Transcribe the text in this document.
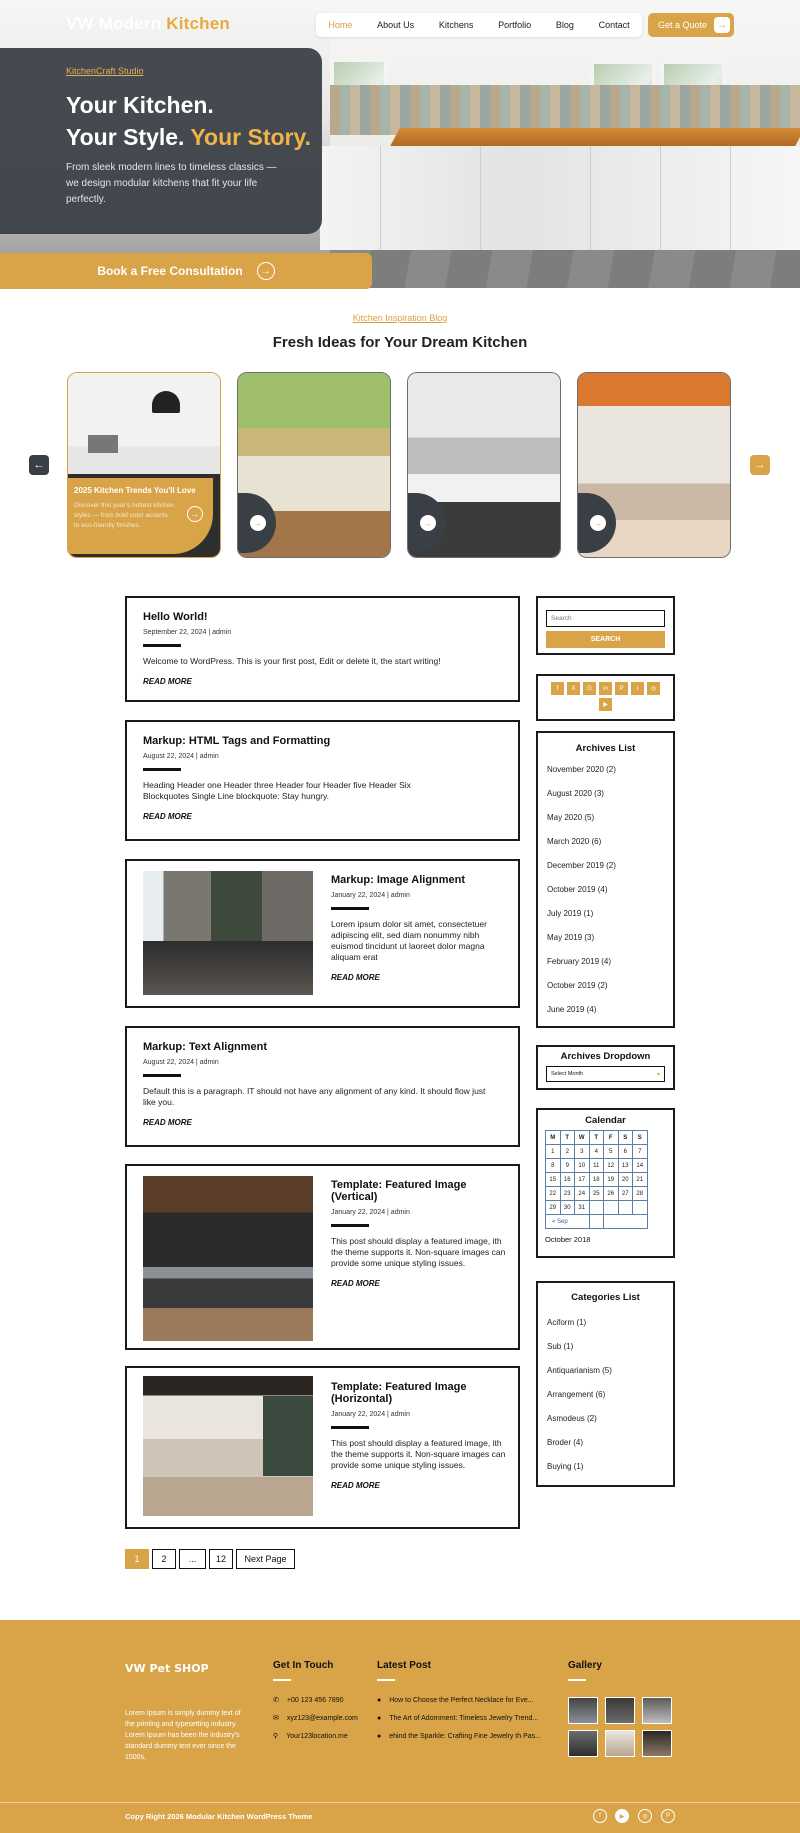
VW Modern Kitchen	Home	About Us	Kitchens	Portfolio	Blog	Contact	Get a Quote →
KitchenCraft Studio
Your Kitchen.
Your Style. Your Story.
From sleek modern lines to timeless classics — we design modular kitchens that fit your life perfectly.
Book a Free Consultation	→
Kitchen Inspiration Blog
Fresh Ideas for Your Dream Kitchen
←	→
2025 Kitchen Trends You'll Love
Discover this year's hottest kitchen styles — from bold color accents to eco-friendly finishes.
→
→	→	→
Hello World!
September 22, 2024 | admin
Welcome to WordPress. This is your first post, Edit or delete it, the start writing!
READ MORE
Markup: HTML Tags and Formatting
August 22, 2024 | admin
Heading Header one Header three Header four Header five Header Six Blockquotes Single Line blockquote: Stay hungry.
READ MORE
Markup: Image Alignment
January 22, 2024 | admin
Lorem ipsum dolor sit amet, consectetuer adipiscing elit, sed diam nonummy nibh euismod tincidunt ut laoreet dolor magna aliquam erat
READ MORE
Markup: Text Alignment
August 22, 2024 | admin
Default this is a paragraph. IT should not have any alignment of any kind. It should flow just like you.
READ MORE
Template: Featured Image (Vertical)
January 22, 2024 | admin
This post should display a featured image, ith the theme supports it. Non-square images can provide some unique styling issues.
READ MORE
Template: Featured Image (Horizontal)
January 22, 2024 | admin
This post should display a featured image, ith the theme supports it. Non-square images can provide some unique styling issues.
READ MORE
1	2	...	12	Next Page
Search
SEARCH
f	X	G	in	P	t	◎
▶
Archives List
November 2020 (2)
August 2020 (3)
May 2020 (5)
March 2020 (6)
December 2019 (2)
October 2019 (4)
July 2019 (1)
May 2019 (3)
February 2019 (4)
October 2019 (2)
June 2019 (4)
Archives Dropdown
Select Month	▾
Calendar
M	T	W	T	F	S	S
1	2	3	4	5	6	7
8	9	10	11	12	13	14
15	16	17	18	19	20	21
22	23	24	25	26	27	28
29	30	31				
« Sep						
October 2018
Categories List
Aciform (1)
Sub (1)
Antiquarianism (5)
Arrangement (6)
Asmodeus (2)
Broder (4)
Buying (1)
VW Pet SHOP
Lorem Ipsum is simply dummy text of the printing and typesetting industry. Lorem Ipsum has been the industry's standard dummy text ever since the 1500s,
Get In Touch
✆ +00 123 456 7890
✉ xyz123@example.com
⚲ Your123location.me
Latest Post
● How to Choose the Perfect Necklace for Eve...
● The Art of Adornment: Timeless Jewelry Trend...
● ehind the Sparkle: Crafting Fine Jewelry th Pas...
Gallery
Copy Right 2026 Modular Kitchen WordPress Theme	f	▶	◎	P
